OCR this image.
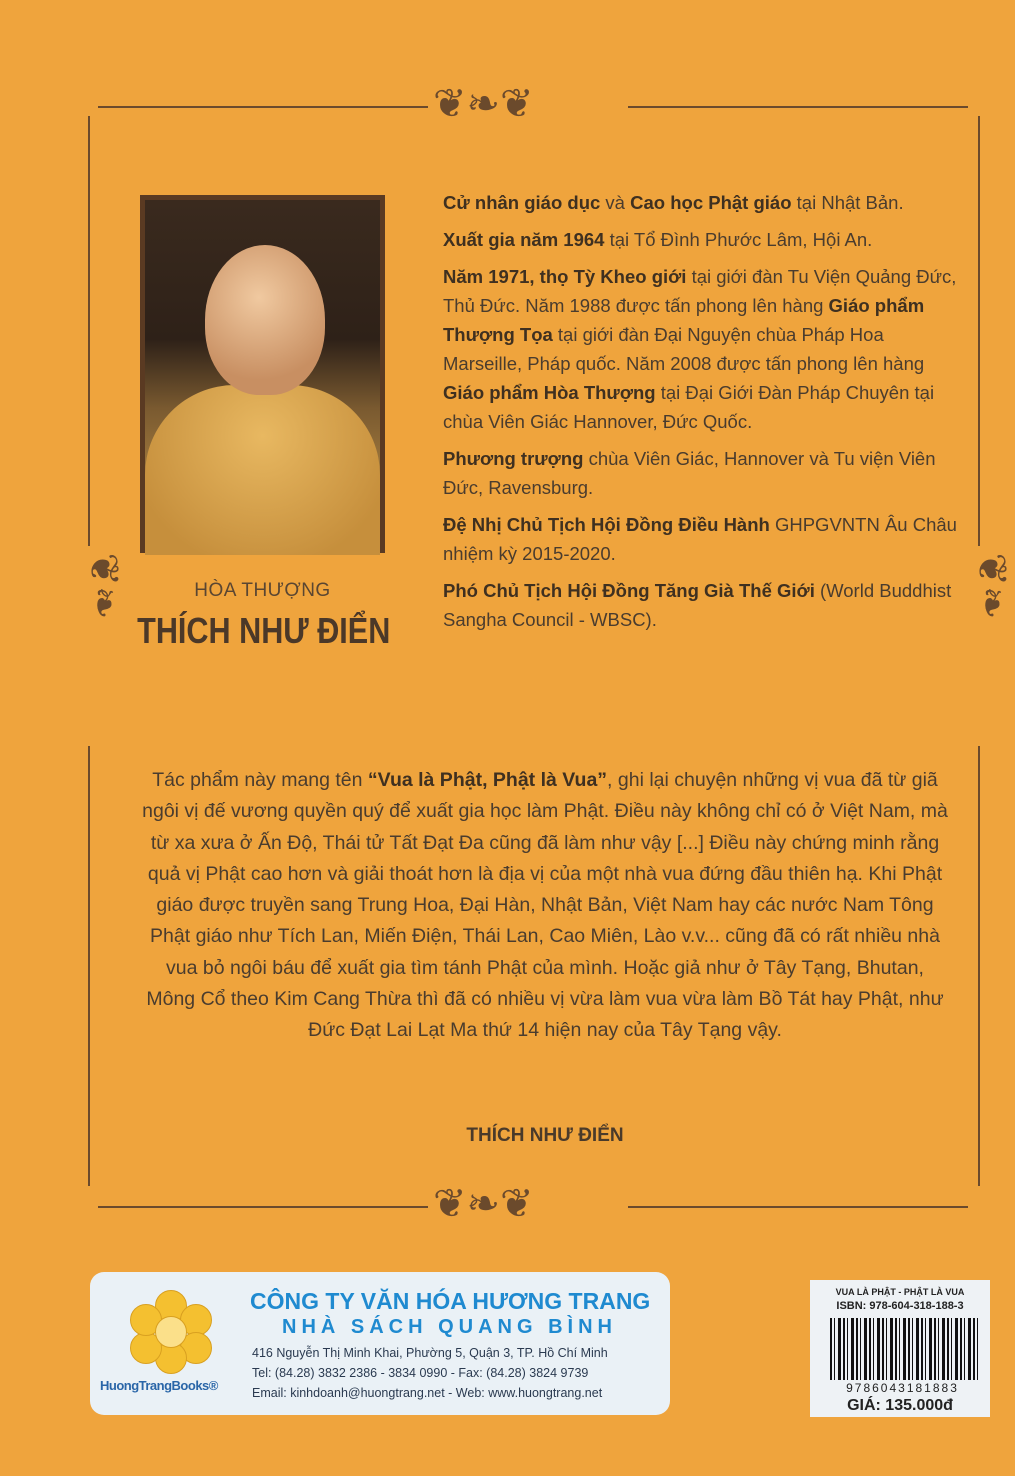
❦❧❦
❦❧❦
❦❧	❦❧
HÒA THƯỢNG
THÍCH NHƯ ĐIỂN

Cử nhân giáo dục và Cao học Phật giáo tại Nhật Bản.

Xuất gia năm 1964 tại Tổ Đình Phước Lâm, Hội An.

Năm 1971, thọ Tỳ Kheo giới tại giới đàn Tu Viện Quảng Đức, Thủ Đức. Năm 1988 được tấn phong lên hàng Giáo phẩm Thượng Tọa tại giới đàn Đại Nguyện chùa Pháp Hoa Marseille, Pháp quốc. Năm 2008 được tấn phong lên hàng Giáo phẩm Hòa Thượng tại Đại Giới Đàn Pháp Chuyên tại chùa Viên Giác Hannover, Đức Quốc.

Phương trượng chùa Viên Giác, Hannover và Tu viện Viên Đức, Ravensburg.

Đệ Nhị Chủ Tịch Hội Đồng Điều Hành GHPGVNTN Âu Châu nhiệm kỳ 2015-2020.

Phó Chủ Tịch Hội Đồng Tăng Già Thế Giới (World Buddhist Sangha Council - WBSC).

Tác phẩm này mang tên “Vua là Phật, Phật là Vua”, ghi lại chuyện những vị vua đã từ giã ngôi vị đế vương quyền quý để xuất gia học làm Phật. Điều này không chỉ có ở Việt Nam, mà từ xa xưa ở Ấn Độ, Thái tử Tất Đạt Đa cũng đã làm như vậy [...] Điều này chứng minh rằng quả vị Phật cao hơn và giải thoát hơn là địa vị của một nhà vua đứng đầu thiên hạ. Khi Phật giáo được truyền sang Trung Hoa, Đại Hàn, Nhật Bản, Việt Nam hay các nước Nam Tông Phật giáo như Tích Lan, Miến Điện, Thái Lan, Cao Miên, Lào v.v... cũng đã có rất nhiều nhà vua bỏ ngôi báu để xuất gia tìm tánh Phật của mình. Hoặc giả như ở Tây Tạng, Bhutan, Mông Cổ theo Kim Cang Thừa thì đã có nhiều vị vừa làm vua vừa làm Bồ Tát hay Phật, như Đức Đạt Lai Lạt Ma thứ 14 hiện nay của Tây Tạng vậy.
THÍCH NHƯ ĐIỂN
HuongTrangBooks®
CÔNG TY VĂN HÓA HƯƠNG TRANG
NHÀ SÁCH QUANG BÌNH
416 Nguyễn Thị Minh Khai, Phường 5, Quận 3, TP. Hồ Chí Minh
Tel: (84.28) 3832 2386 - 3834 0990 - Fax: (84.28) 3824 9739
Email: kinhdoanh@huongtrang.net - Web: www.huongtrang.net
VUA LÀ PHẬT - PHẬT LÀ VUA
ISBN: 978-604-318-188-3
9786043181883
GIÁ: 135.000đ
